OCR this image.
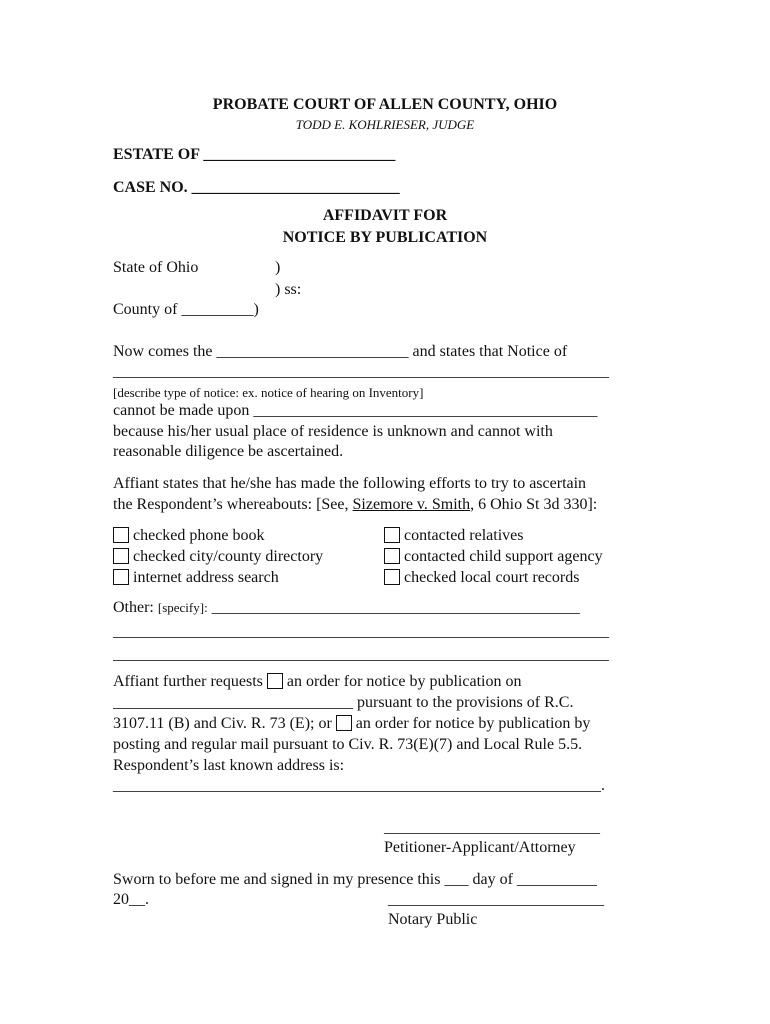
PROBATE COURT OF ALLEN COUNTY, OHIO
TODD E. KOHLRIESER, JUDGE
ESTATE OF ________________________
CASE NO. __________________________
AFFIDAVIT FOR
NOTICE BY PUBLICATION
State of Ohio	)
) ss:
County of _________)
Now comes the ________________________ and states that Notice of
______________________________________________________________
[describe type of notice: ex. notice of hearing on Inventory]
cannot be made upon ___________________________________________
because his/her usual place of residence is unknown and cannot with
reasonable diligence be ascertained.
Affiant states that he/she has made the following efforts to try to ascertain
the Respondent’s whereabouts: [See, Sizemore v. Smith, 6 Ohio St 3d 330]:
checked phone book
checked city/county directory
internet address search
contacted relatives
contacted child support agency
checked local court records
Other: [specify]: ______________________________________________
______________________________________________________________
______________________________________________________________
Affiant further requests an order for notice by publication on
______________________________ pursuant to the provisions of R.C.
3107.11 (B) and Civ. R. 73 (E); or an order for notice by publication by
posting and regular mail pursuant to Civ. R. 73(E)(7) and Local Rule 5.5.
Respondent’s last known address is:
_____________________________________________________________.
___________________________
Petitioner-Applicant/Attorney
Sworn to before me and signed in my presence this ___ day of __________
20__.	___________________________
Notary Public
